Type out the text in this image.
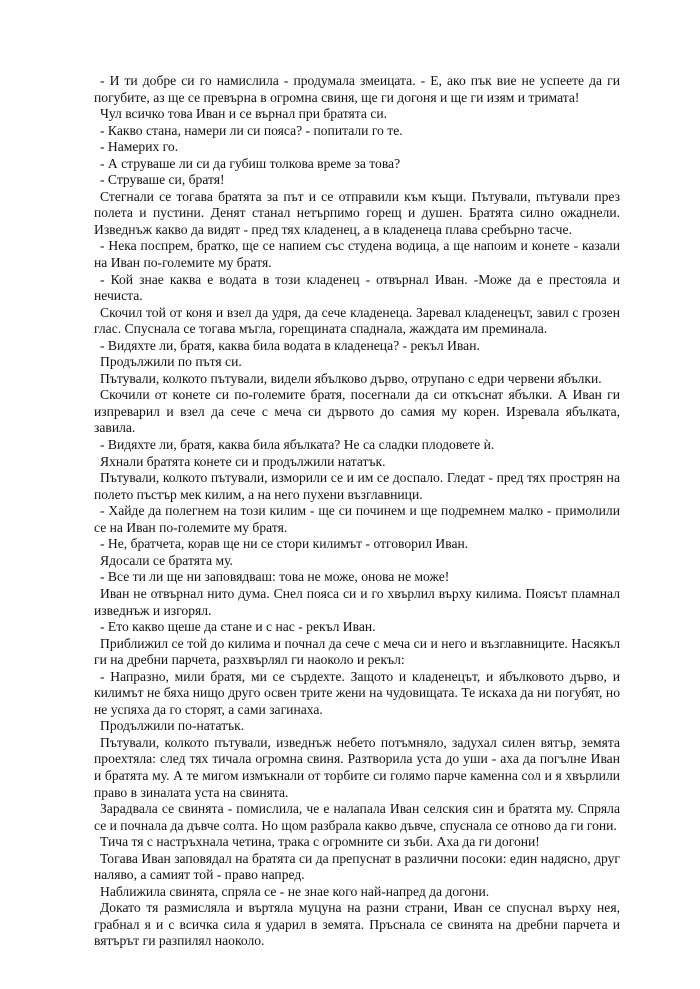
- И ти добре си го намислила - продумала змеицата. - Е, ако пък вие не успеете да ги погубите, аз ще се превърна в огромна свиня, ще ги догоня и ще ги изям и тримата!

Чул всичко това Иван и се върнал при братята си.

- Какво стана, намери ли си пояса? - попитали го те.

- Намерих го.

- А струваше ли си да губиш толкова време за това?

- Струваше си, братя!

Стегнали се тогава братята за път и се отправили към къщи. Пътували, пътували през полета и пустини. Денят станал нетърпимо горещ и душен. Братята силно ожаднели. Изведнъж какво да видят - пред тях кладенец, а в кладенеца плава сребърно тасче.

- Нека поспрем, братко, ще се напием със студена водица, а ще напоим и конете - казали на Иван по-големите му братя.

- Кой знае каква е водата в този кладенец - отвърнал Иван. -Може да е престояла и нечиста.

Скочил той от коня и взел да удря, да сече кладенеца. Заревал кладенецът, завил с грозен глас. Спуснала се тогава мъгла, горещината спаднала, жаждата им преминала.

- Видяхте ли, братя, каква била водата в кладенеца? - рекъл Иван.

Продължили по пътя си.

Пътували, колкото пътували, видели ябълково дърво, отрупано с едри червени ябълки.

Скочили от конете си по-големите братя, посегнали да си откъснат ябълки. А Иван ги изпреварил и взел да сече с меча си дървото до самия му корен. Изревала ябълката, завила.

- Видяхте ли, братя, каква била ябълката? Не са сладки плодовете ѝ.

Яхнали братята конете си и продължили нататък.

Пътували, колкото пътували, изморили се и им се доспало. Гледат - пред тях прострян на полето пъстър мек килим, а на него пухени възглавници.

- Хайде да полегнем на този килим - ще си починем и ще подремнем малко - примолили се на Иван по-големите му братя.

- Не, братчета, корав ще ни се стори килимът - отговорил Иван.

Ядосали се братята му.

- Все ти ли ще ни заповядваш: това не може, онова не може!

Иван не отвърнал нито дума. Снел пояса си и го хвърлил върху килима. Поясът пламнал изведнъж и изгорял.

- Ето какво щеше да стане и с нас - рекъл Иван.

Приближил се той до килима и почнал да сече с меча си и него и възглавниците. Насякъл ги на дребни парчета, разхвърлял ги наоколо и рекъл:

- Напразно, мили братя, ми се сърдехте. Защото и кладенецът, и ябълковото дърво, и килимът не бяха нищо друго освен трите жени на чудовищата. Те искаха да ни погубят, но не успяха да го сторят, а сами загинаха.

Продължили по-нататък.

Пътували, колкото пътували, изведнъж небето потъмняло, задухал силен вятър, земята проехтяла: след тях тичала огромна свиня. Разтворила уста до уши - аха да погълне Иван и братята му. А те мигом измъкнали от торбите си голямо парче каменна сол и я хвърлили право в зиналата уста на свинята.

Зарадвала се свинята - помислила, че е налапала Иван селския син и братята му. Спряла се и почнала да дъвче солта. Но щом разбрала какво дъвче, спуснала се отново да ги гони.

Тича тя с настръхнала четина, трака с огромните си зъби. Аха да ги догони!

Тогава Иван заповядал на братята си да препуснат в различни посоки: един надясно, друг наляво, а самият той - право напред.

Наближила свинята, спряла се - не знае кого най-напред да догони.

Докато тя размисляла и въртяла муцуна на разни страни, Иван се спуснал върху нея, грабнал я и с всичка сила я ударил в земята. Пръснала се свинята на дребни парчета и вятърът ги разпилял наоколо.
